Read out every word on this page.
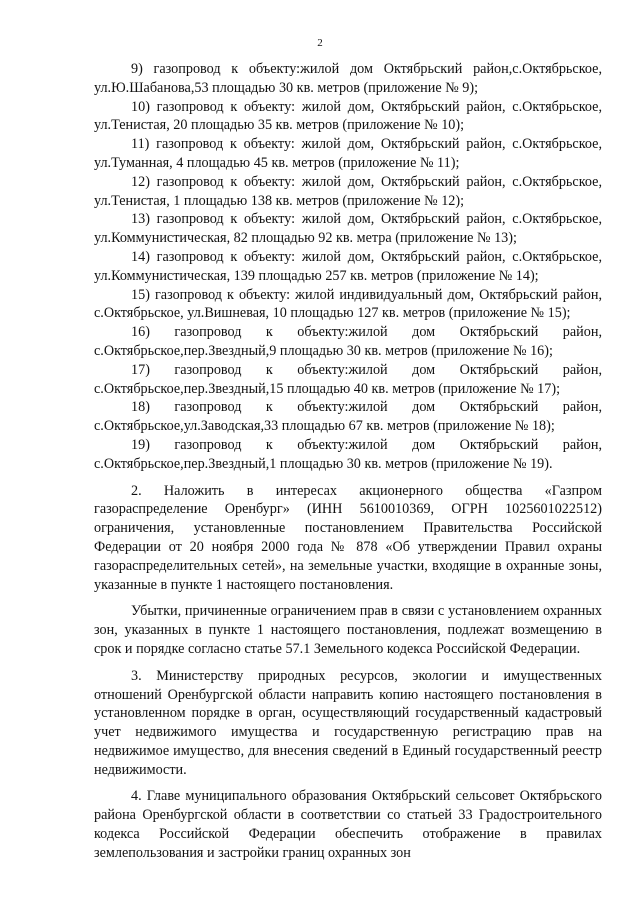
2

9) газопровод к объекту:жилой дом Октябрьский район,с.Октябрьское, ул.Ю.Шабанова,53 площадью 30 кв. метров (приложение № 9);

10) газопровод к объекту: жилой дом, Октябрьский район, с.Октябрьское, ул.Тенистая, 20 площадью 35 кв. метров (приложение № 10);

11) газопровод к объекту: жилой дом, Октябрьский район, с.Октябрьское, ул.Туманная, 4 площадью 45 кв. метров (приложение № 11);

12) газопровод к объекту: жилой дом, Октябрьский район, с.Октябрьское, ул.Тенистая, 1 площадью 138 кв. метров (приложение № 12);

13) газопровод к объекту: жилой дом, Октябрьский район, с.Октябрьское, ул.Коммунистическая, 82 площадью 92 кв. метра (приложение № 13);

14) газопровод к объекту: жилой дом, Октябрьский район, с.Октябрьское, ул.Коммунистическая, 139 площадью 257 кв. метров (приложение № 14);

15) газопровод к объекту: жилой индивидуальный дом, Октябрьский район, с.Октябрьское, ул.Вишневая, 10 площадью 127 кв. метров (приложение № 15);

16) газопровод к объекту:жилой дом Октябрьский район, с.Октябрьское,пер.Звездный,9 площадью 30 кв. метров (приложение № 16);

17) газопровод к объекту:жилой дом Октябрьский район, с.Октябрьское,пер.Звездный,15 площадью 40 кв. метров (приложение № 17);

18) газопровод к объекту:жилой дом Октябрьский район, с.Октябрьское,ул.Заводская,33 площадью 67 кв. метров (приложение № 18);

19) газопровод к объекту:жилой дом Октябрьский район, с.Октябрьское,пер.Звездный,1 площадью 30 кв. метров (приложение № 19).

2. Наложить в интересах акционерного общества «Газпром газораспределение Оренбург» (ИНН 5610010369, ОГРН 1025601022512) ограничения, установленные постановлением Правительства Российской Федерации от 20 ноября 2000 года № 878 «Об утверждении Правил охраны газораспределительных сетей», на земельные участки, входящие в охранные зоны, указанные в пункте 1 настоящего постановления.

Убытки, причиненные ограничением прав в связи с установлением охранных зон, указанных в пункте 1 настоящего постановления, подлежат возмещению в срок и порядке согласно статье 57.1 Земельного кодекса Российской Федерации.

3. Министерству природных ресурсов, экологии и имущественных отношений Оренбургской области направить копию настоящего постановления в установленном порядке в орган, осуществляющий государственный кадастровый учет недвижимого имущества и государственную регистрацию прав на недвижимое имущество, для внесения сведений в Единый государственный реестр недвижимости.

4. Главе муниципального образования Октябрьский сельсовет Октябрьского района Оренбургской области в соответствии со статьей 33 Градостроительного кодекса Российской Федерации обеспечить отображение в правилах землепользования и застройки границ охранных зон
